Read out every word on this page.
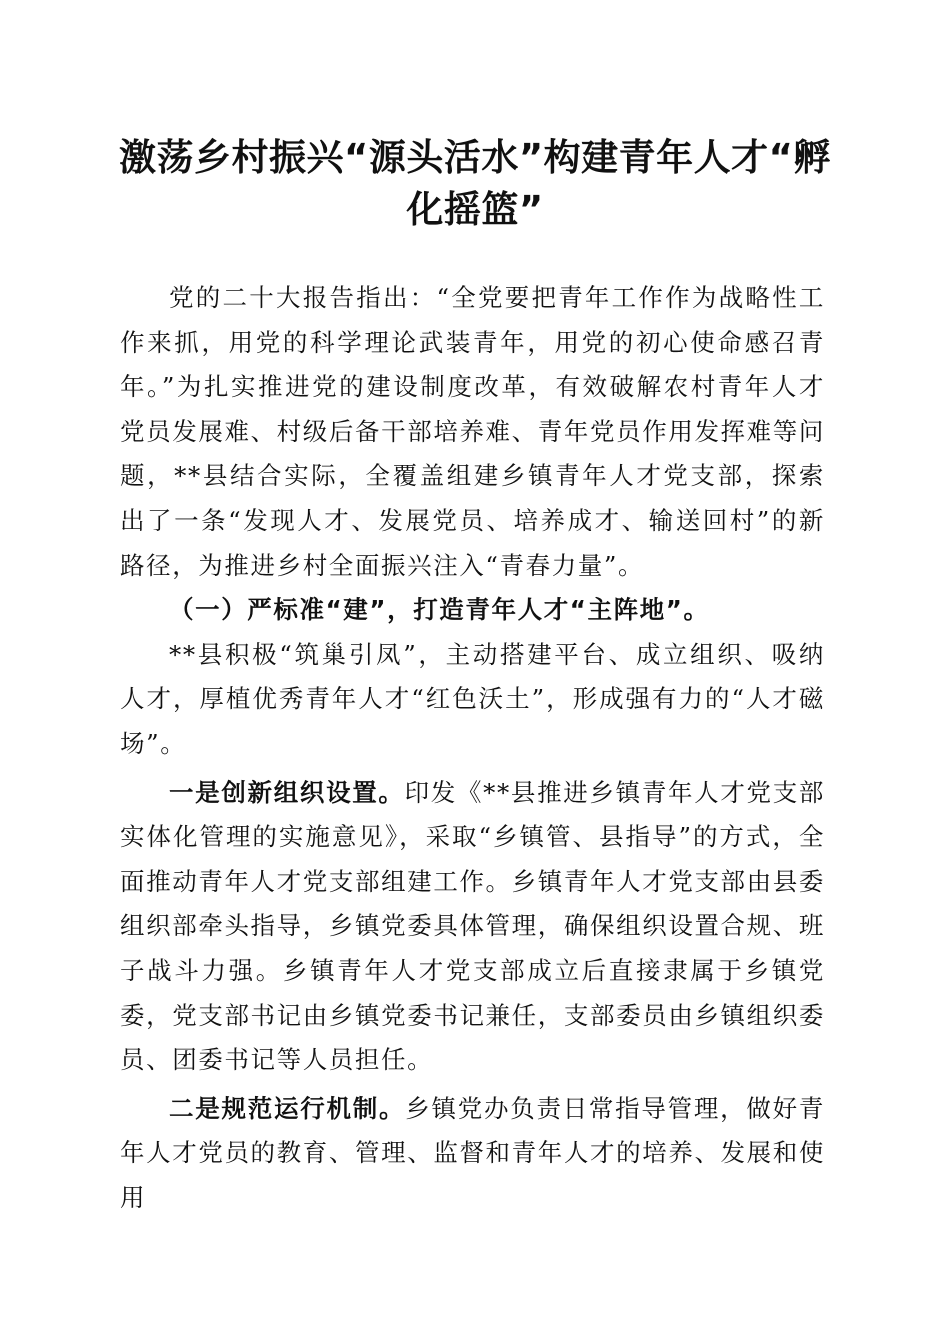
激荡乡村振兴“源头活水”构建青年人才“孵化摇篮”

党的二十大报告指出：“全党要把青年工作作为战略性工作来抓，用党的科学理论武装青年，用党的初心使命感召青年。”为扎实推进党的建设制度改革，有效破解农村青年人才党员发展难、村级后备干部培养难、青年党员作用发挥难等问题，**县结合实际，全覆盖组建乡镇青年人才党支部，探索出了一条“发现人才、发展党员、培养成才、输送回村”的新路径，为推进乡村全面振兴注入“青春力量”。

（一）严标准“建”，打造青年人才“主阵地”。

**县积极“筑巢引凤”，主动搭建平台、成立组织、吸纳人才，厚植优秀青年人才“红色沃土”，形成强有力的“人才磁场”。

一是创新组织设置。印发《**县推进乡镇青年人才党支部实体化管理的实施意见》，采取“乡镇管、县指导”的方式，全面推动青年人才党支部组建工作。乡镇青年人才党支部由县委组织部牵头指导，乡镇党委具体管理，确保组织设置合规、班子战斗力强。乡镇青年人才党支部成立后直接隶属于乡镇党委，党支部书记由乡镇党委书记兼任，支部委员由乡镇组织委员、团委书记等人员担任。

二是规范运行机制。乡镇党办负责日常指导管理，做好青年人才党员的教育、管理、监督和青年人才的培养、发展和使用
